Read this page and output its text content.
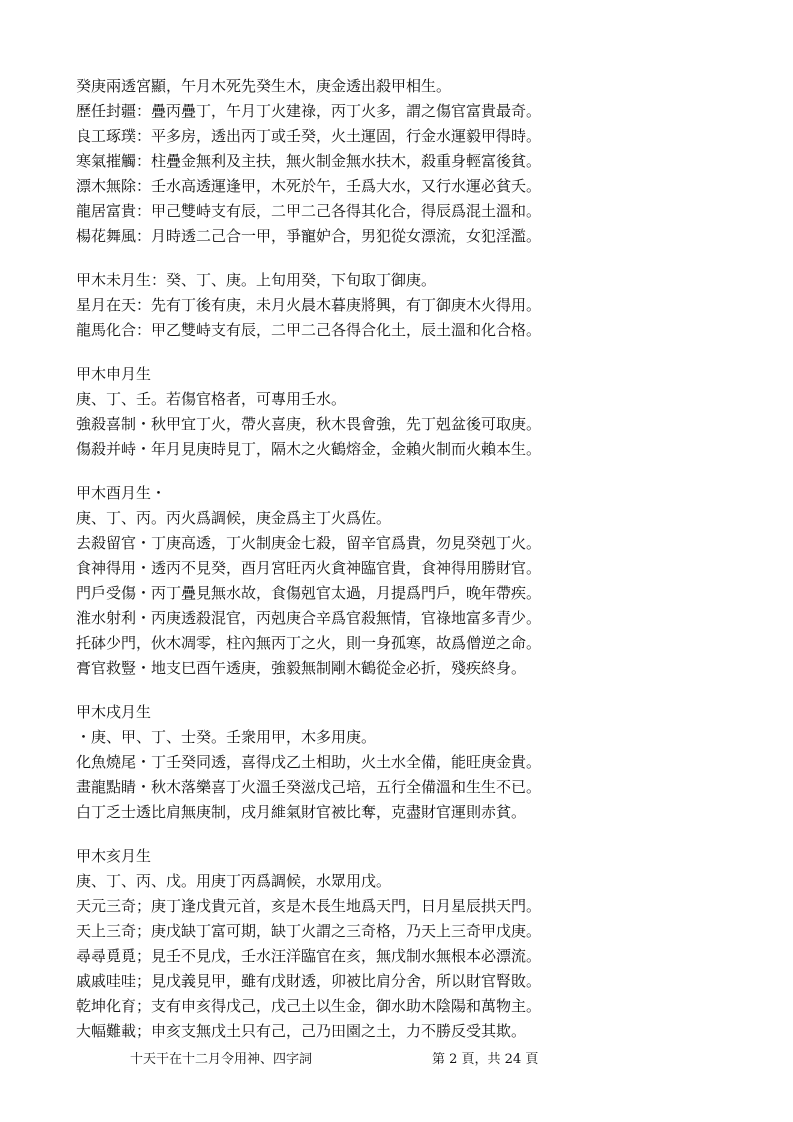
癸庚兩透宮顯，午月木死先癸生木，庚金透出殺甲相生。
歷任封疆：疊丙疊丁，午月丁火建祿，丙丁火多，謂之傷官富貴最奇。
良工琢璞：平多房，透出丙丁或壬癸，火土運固，行金水運毅甲得時。
寒氣摧觸：柱疊金無利及主扶，無火制金無水扶木，殺重身輕富後貧。
漂木無除：壬水高透運逢甲，木死於午，壬爲大水，又行水運必貧夭。
龍居富貴：甲己雙峙支有辰，二甲二己各得其化合，得辰爲混土溫和。
楊花舞風：月時透二己合一甲，爭寵妒合，男犯從女漂流，女犯淫濫。
甲木未月生：癸、丁、庚。上旬用癸，下旬取丁御庚。
星月在天：先有丁後有庚，未月火晨木暮庚將興，有丁御庚木火得用。
龍馬化合：甲乙雙峙支有辰，二甲二己各得合化土，辰土溫和化合格。
甲木申月生
庚、丁、壬。若傷官格者，可專用壬水。
強殺喜制・秋甲宜丁火，帶火喜庚，秋木畏會強，先丁剋盆後可取庚。
傷殺并峙・年月見庚時見丁，隔木之火鶴熔金，金賴火制而火賴本生。
甲木酉月生・
庚、丁、丙。丙火爲調候，庚金爲主丁火爲佐。
去殺留官・丁庚高透，丁火制庚金七殺，留辛官爲貴，勿見癸剋丁火。
食神得用・透丙不見癸，酉月宮旺丙火貪神臨官貴，食神得用勝財官。
門戶受傷・丙丁疊見無水故，食傷剋官太過，月提爲門戶，晚年帶疾。
淮水射利・丙庚透殺混官，丙剋庚合辛爲官殺無情，官祿地富多青少。
托砵少門，伙木凋零，柱內無丙丁之火，則一身孤寒，故爲僧逆之命。
膏官救豎・地支巳酉午透庚，強毅無制剛木鶴從金必折，殘疾終身。
甲木戌月生
・庚、甲、丁、士癸。壬衆用甲，木多用庚。
化魚燒尾・丁壬癸同透，喜得戊乙土相助，火土水全備，能旺庚金貴。
畫龍點睛・秋木落樂喜丁火溫壬癸滋戊己培，五行全備溫和生生不已。
白丁乏士透比肩無庚制，戌月維氣財官被比奪，克盡財官運則赤貧。
甲木亥月生
庚、丁、丙、戊。用庚丁丙爲調候，水眾用戊。
天元三奇；庚丁逢戊貴元首，亥是木長生地爲天門，日月星辰拱天門。
天上三奇；庚戊缺丁富可期，缺丁火謂之三奇格，乃天上三奇甲戊庚。
尋尋覓覓；見壬不見戊，壬水汪洋臨官在亥，無戊制水無根本必漂流。
戚戚哇哇；見戊義見甲，雖有戊財透，卯被比肩分舍，所以財官腎敗。
乾坤化育；支有申亥得戊己，戊己土以生金，御水助木陰陽和萬物主。
大幅難載；申亥支無戊土只有己，己乃田園之土，力不勝反受其欺。
十天干在十二月令用神、四字詞	第 2 頁，共 24 頁
